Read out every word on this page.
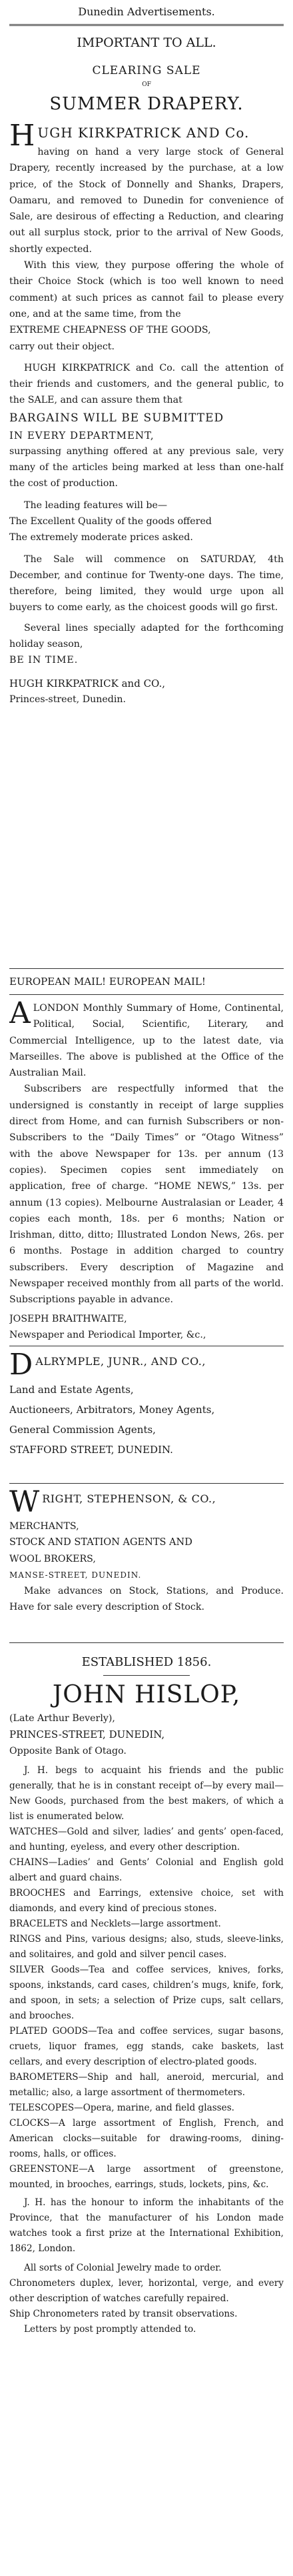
Dunedin Advertisements.
IMPORTANT TO ALL.
CLEARING SALE
OF
SUMMER DRAPERY.
H UGH KIRKPATRICK AND Co.

having on hand a very large stock of General Drapery, recently increased by the purchase, at a low price, of the Stock of Donnelly and Shanks, Drapers, Oamaru, and removed to Dunedin for convenience of Sale, are desirous of effecting a Reduction, and clearing out all surplus stock, prior to the arrival of New Goods, shortly expected.

With this view, they purpose offering the whole of their Choice Stock (which is too well known to need comment) at such prices as cannot fail to please every one, and at the same time, from the

EXTREME CHEAPNESS OF THE GOODS,

carry out their object.

HUGH KIRKPATRICK and Co. call the attention of their friends and customers, and the general public, to the SALE, and can assure them that

BARGAINS WILL BE SUBMITTED

IN EVERY DEPARTMENT,

surpassing anything offered at any previous sale, very many of the articles being marked at less than one-half the cost of production.

The leading features will be—

The Excellent Quality of the goods offered

The extremely moderate prices asked.

The Sale will commence on SATURDAY, 4th December, and continue for Twenty-one days. The time, therefore, being limited, they would urge upon all buyers to come early, as the choicest goods will go first.

Several lines specially adapted for the forthcoming holiday season,

BE IN TIME.

HUGH KIRKPATRICK and CO.,

Princes-street, Dunedin.

EUROPEAN MAIL! EUROPEAN MAIL!
A LONDON Monthly Summary of Home, Continental, Political, Social, Scientific, Literary, and Commercial Intelligence, up to the latest date, via Marseilles. The above is published at the Office of the Australian Mail.

Subscribers are respectfully informed that the undersigned is constantly in receipt of large supplies direct from Home, and can furnish Subscribers or non-Subscribers to the “Daily Times” or “Otago Witness” with the above Newspaper for 13s. per annum (13 copies). Specimen copies sent immediately on application, free of charge. “HOME NEWS,” 13s. per annum (13 copies). Melbourne Australasian or Leader, 4 copies each month, 18s. per 6 months; Nation or Irishman, ditto, ditto; Illustrated London News, 26s. per 6 months. Postage in addition charged to country subscribers. Every description of Magazine and Newspaper received monthly from all parts of the world. Subscriptions payable in advance.

JOSEPH BRAITHWAITE,

Newspaper and Periodical Importer, &c.,

D ALRYMPLE, JUNR., AND CO.,

Land and Estate Agents,

Auctioneers, Arbitrators, Money Agents,

General Commission Agents,

STAFFORD STREET, DUNEDIN.

W RIGHT, STEPHENSON, & CO.,

MERCHANTS,

STOCK AND STATION AGENTS AND

WOOL BROKERS,

MANSE-STREET, DUNEDIN.

Make advances on Stock, Stations, and Produce. Have for sale every description of Stock.

ESTABLISHED 1856.
JOHN HISLOP,

(Late Arthur Beverly),

PRINCES-STREET, DUNEDIN,

Opposite Bank of Otago.

J. H. begs to acquaint his friends and the public generally, that he is in constant receipt of—by every mail—New Goods, purchased from the best makers, of which a list is enumerated below.

WATCHES—Gold and silver, ladies’ and gents’ open-faced, and hunting, eyeless, and every other description.

CHAINS—Ladies’ and Gents’ Colonial and English gold albert and guard chains.

BROOCHES and Earrings, extensive choice, set with diamonds, and every kind of precious stones.

BRACELETS and Necklets—large assortment.

RINGS and Pins, various designs; also, studs, sleeve-links, and solitaires, and gold and silver pencil cases.

SILVER Goods—Tea and coffee services, knives, forks, spoons, inkstands, card cases, children’s mugs, knife, fork, and spoon, in sets; a selection of Prize cups, salt cellars, and brooches.

PLATED GOODS—Tea and coffee services, sugar basons, cruets, liquor frames, egg stands, cake baskets, last cellars, and every description of electro-plated goods.

BAROMETERS—Ship and hall, aneroid, mercurial, and metallic; also, a large assortment of thermometers.

TELESCOPES—Opera, marine, and field glasses.

CLOCKS—A large assortment of English, French, and American clocks—suitable for drawing-rooms, dining-rooms, halls, or offices.

GREENSTONE—A large assortment of greenstone, mounted, in brooches, earrings, studs, lockets, pins, &c.

J. H. has the honour to inform the inhabitants of the Province, that the manufacturer of his London made watches took a first prize at the International Exhibition, 1862, London.

All sorts of Colonial Jewelry made to order.

Chronometers duplex, lever, horizontal, verge, and every other description of watches carefully repaired.

Ship Chronometers rated by transit observations.

Letters by post promptly attended to.
